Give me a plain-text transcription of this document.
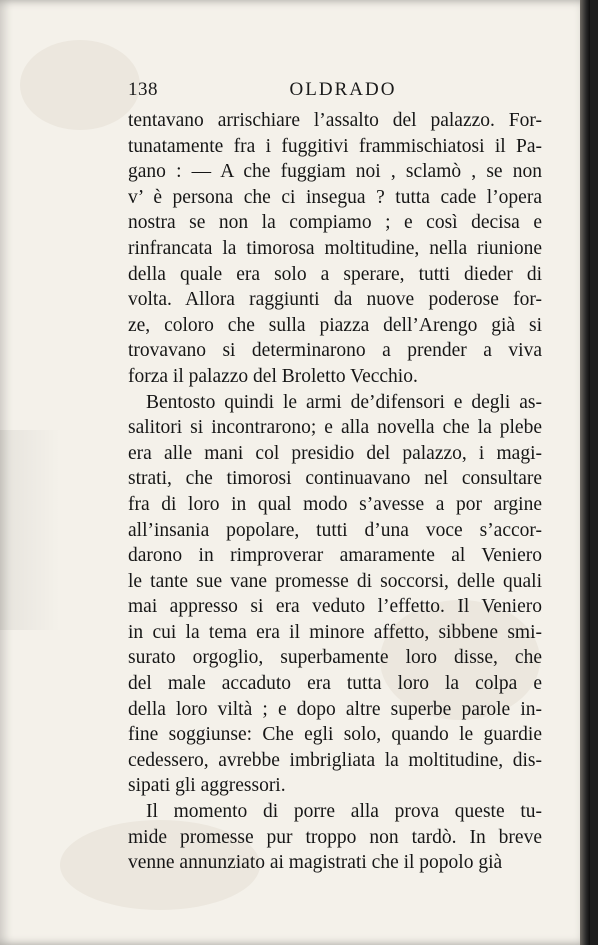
138	OLDRADO
tentavano arrischiare l’assalto del palazzo. For-
tunatamente fra i fuggitivi frammischiatosi il Pa-
gano : — A che fuggiam noi , sclamò , se non
v’ è persona che ci insegua ? tutta cade l’opera
nostra se non la compiamo ; e così decisa e
rinfrancata la timorosa moltitudine, nella riunione
della quale era solo a sperare, tutti dieder di
volta. Allora raggiunti da nuove poderose for-
ze, coloro che sulla piazza dell’Arengo già si
trovavano si determinarono a prender a viva
forza il palazzo del Broletto Vecchio.
Bentosto quindi le armi de’difensori e degli as-
salitori si incontrarono; e alla novella che la plebe
era alle mani col presidio del palazzo, i magi-
strati, che timorosi continuavano nel consultare
fra di loro in qual modo s’avesse a por argine
all’insania popolare, tutti d’una voce s’accor-
darono in rimproverar amaramente al Veniero
le tante sue vane promesse di soccorsi, delle quali
mai appresso si era veduto l’effetto. Il Veniero
in cui la tema era il minore affetto, sibbene smi-
surato orgoglio, superbamente loro disse, che
del male accaduto era tutta loro la colpa e
della loro viltà ; e dopo altre superbe parole in-
fine soggiunse: Che egli solo, quando le guardie
cedessero, avrebbe imbrigliata la moltitudine, dis-
sipati gli aggressori.
Il momento di porre alla prova queste tu-
mide promesse pur troppo non tardò. In breve
venne annunziato ai magistrati che il popolo già
